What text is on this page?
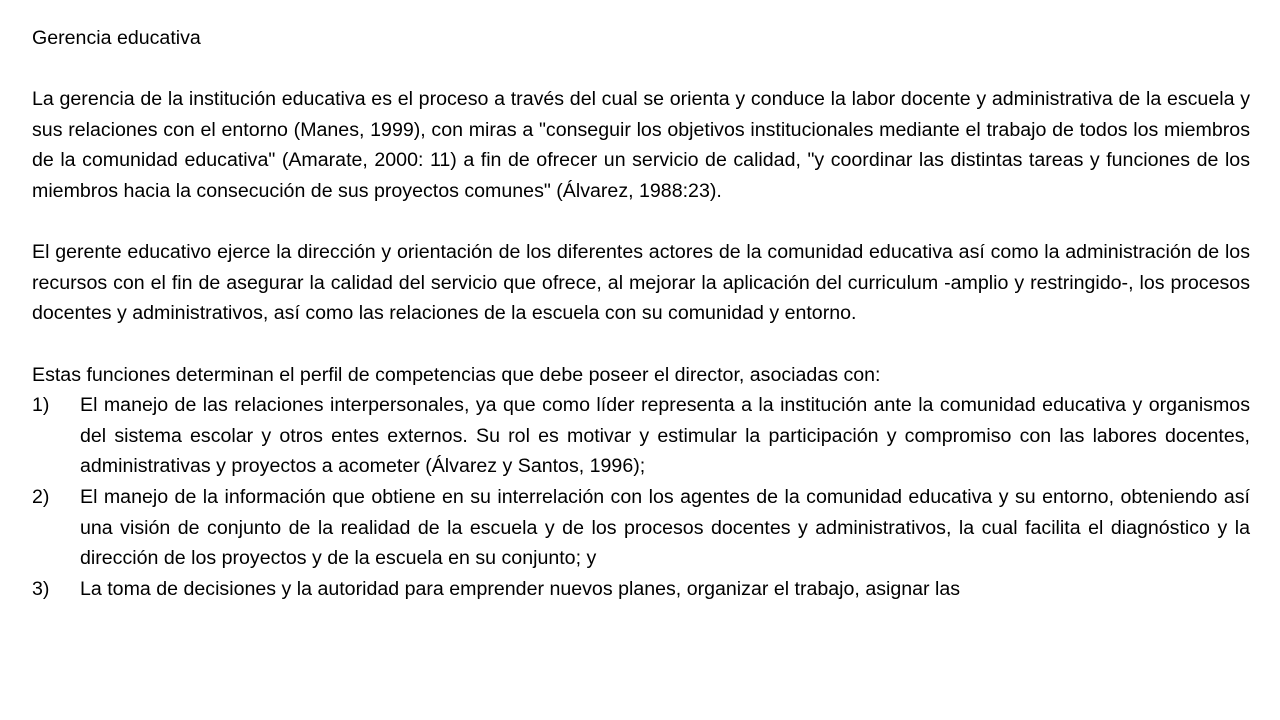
Gerencia educativa

La gerencia de la institución educativa es el proceso a través del cual se orienta y conduce la labor docente y administrativa de la escuela y sus relaciones con el entorno (Manes, 1999), con miras a "conseguir los objetivos institucionales mediante el trabajo de todos los miembros de la comunidad educativa" (Amarate, 2000: 11) a fin de ofrecer un servicio de calidad, "y coordinar las distintas tareas y funciones de los miembros hacia la consecución de sus proyectos comunes" (Álvarez, 1988:23).

El gerente educativo ejerce la dirección y orientación de los diferentes actores de la comunidad educativa así como la administración de los recursos con el fin de asegurar la calidad del servicio que ofrece, al mejorar la aplicación del curriculum -amplio y restringido-, los procesos docentes y administrativos, así como las relaciones de la escuela con su comunidad y entorno.

Estas funciones determinan el perfil de competencias que debe poseer el director, asociadas con:

1) El manejo de las relaciones interpersonales, ya que como líder representa a la institución ante la comunidad educativa y organismos del sistema escolar y otros entes externos. Su rol es motivar y estimular la participación y compromiso con las labores docentes, administrativas y proyectos a acometer (Álvarez y Santos, 1996);
2) El manejo de la información que obtiene en su interrelación con los agentes de la comunidad educativa y su entorno, obteniendo así una visión de conjunto de la realidad de la escuela y de los procesos docentes y administrativos, la cual facilita el diagnóstico y la dirección de los proyectos y de la escuela en su conjunto; y
3) La toma de decisiones y la autoridad para emprender nuevos planes, organizar el trabajo, asignar las
